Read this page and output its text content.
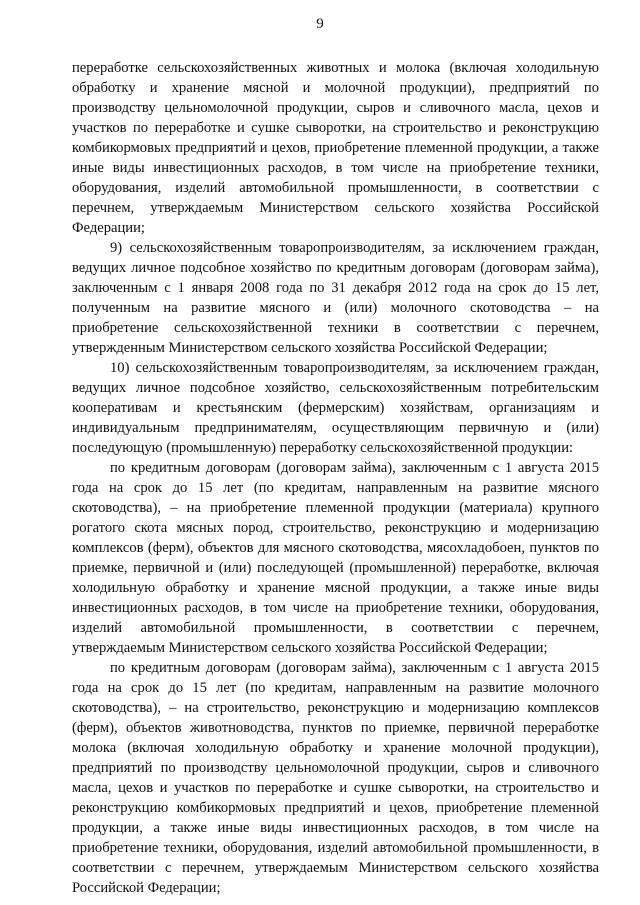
9

переработке сельскохозяйственных животных и молока (включая холодильную обработку и хранение мясной и молочной продукции), предприятий по производству цельномолочной продукции, сыров и сливочного масла, цехов и участков по переработке и сушке сыворотки, на строительство и реконструкцию комбикормовых предприятий и цехов, приобретение племенной продукции, а также иные виды инвестиционных расходов, в том числе на приобретение техники, оборудования, изделий автомобильной промышленности, в соответствии с перечнем, утверждаемым Министерством сельского хозяйства Российской Федерации;

9) сельскохозяйственным товаропроизводителям, за исключением граждан, ведущих личное подсобное хозяйство по кредитным договорам (договорам займа), заключенным с 1 января 2008 года по 31 декабря 2012 года на срок до 15 лет, полученным на развитие мясного и (или) молочного скотоводства – на приобретение сельскохозяйственной техники в соответствии с перечнем, утвержденным Министерством сельского хозяйства Российской Федерации;

10) сельскохозяйственным товаропроизводителям, за исключением граждан, ведущих личное подсобное хозяйство, сельскохозяйственным потребительским кооперативам и крестьянским (фермерским) хозяйствам, организациям и индивидуальным предпринимателям, осуществляющим первичную и (или) последующую (промышленную) переработку сельскохозяйственной продукции:

по кредитным договорам (договорам займа), заключенным с 1 августа 2015 года на срок до 15 лет (по кредитам, направленным на развитие мясного скотоводства), – на приобретение племенной продукции (материала) крупного рогатого скота мясных пород, строительство, реконструкцию и модернизацию комплексов (ферм), объектов для мясного скотоводства, мясохладобоен, пунктов по приемке, первичной и (или) последующей (промышленной) переработке, включая холодильную обработку и хранение мясной продукции, а также иные виды инвестиционных расходов, в том числе на приобретение техники, оборудования, изделий автомобильной промышленности, в соответствии с перечнем, утверждаемым Министерством сельского хозяйства Российской Федерации;

по кредитным договорам (договорам займа), заключенным с 1 августа 2015 года на срок до 15 лет (по кредитам, направленным на развитие молочного скотоводства), – на строительство, реконструкцию и модернизацию комплексов (ферм), объектов животноводства, пунктов по приемке, первичной переработке молока (включая холодильную обработку и хранение молочной продукции), предприятий по производству цельномолочной продукции, сыров и сливочного масла, цехов и участков по переработке и сушке сыворотки, на строительство и реконструкцию комбикормовых предприятий и цехов, приобретение племенной продукции, а также иные виды инвестиционных расходов, в том числе на приобретение техники, оборудования, изделий автомобильной промышленности, в соответствии с перечнем, утверждаемым Министерством сельского хозяйства Российской Федерации;
